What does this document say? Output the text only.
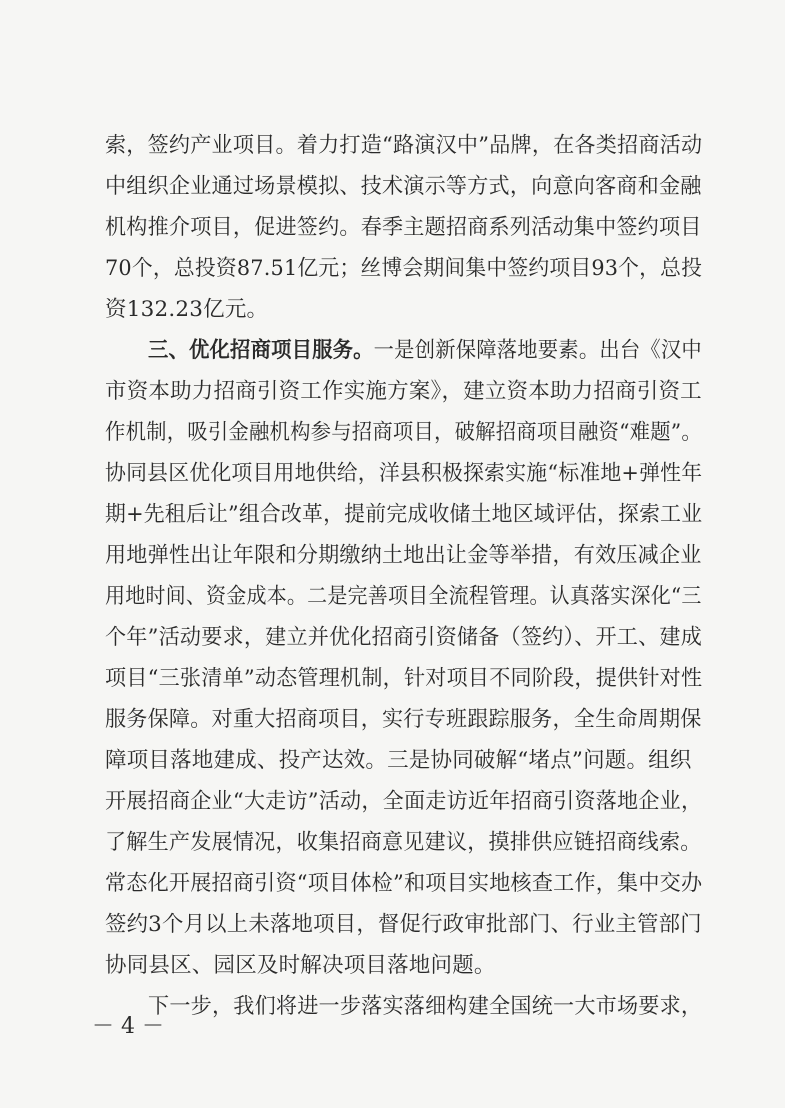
索，签约产业项目。着力打造“路演汉中”品牌，在各类招商活动
中组织企业通过场景模拟、技术演示等方式，向意向客商和金融
机构推介项目，促进签约。春季主题招商系列活动集中签约项目
70个，总投资87.51亿元；丝博会期间集中签约项目93个，总投
资132.23亿元。
三、优化招商项目服务。一是创新保障落地要素。出台《汉中
市资本助力招商引资工作实施方案》，建立资本助力招商引资工
作机制，吸引金融机构参与招商项目，破解招商项目融资“难题”。
协同县区优化项目用地供给，洋县积极探索实施“标准地+弹性年
期+先租后让”组合改革，提前完成收储土地区域评估，探索工业
用地弹性出让年限和分期缴纳土地出让金等举措，有效压减企业
用地时间、资金成本。二是完善项目全流程管理。认真落实深化“三
个年”活动要求，建立并优化招商引资储备（签约）、开工、建成
项目“三张清单”动态管理机制，针对项目不同阶段，提供针对性
服务保障。对重大招商项目，实行专班跟踪服务，全生命周期保
障项目落地建成、投产达效。三是协同破解“堵点”问题。组织
开展招商企业“大走访”活动，全面走访近年招商引资落地企业，
了解生产发展情况，收集招商意见建议，摸排供应链招商线索。
常态化开展招商引资“项目体检”和项目实地核查工作，集中交办
签约3个月以上未落地项目，督促行政审批部门、行业主管部门
协同县区、园区及时解决项目落地问题。
下一步，我们将进一步落实落细构建全国统一大市场要求，
－ 4 －
